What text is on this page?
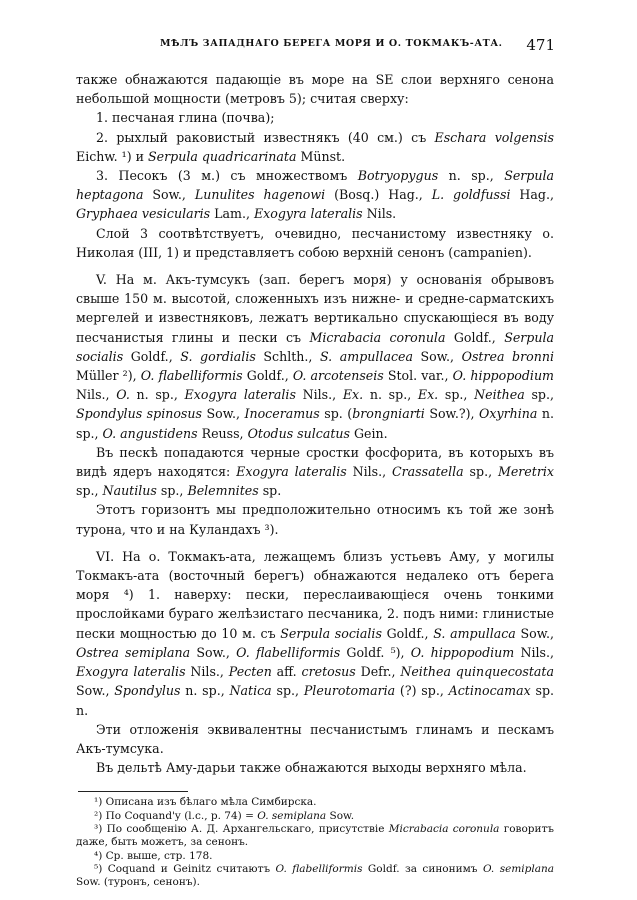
МѢЛЪ ЗАПАДНАГО БЕРЕГА МОРЯ И О. ТОКМАКЪ-АТА. 471

также обнажаются падающіе въ море на SE слои верхняго сенона небольшой мощности (метровъ 5); считая сверху:

1. песчаная глина (почва);

2. рыхлый раковистый известнякъ (40 см.) съ Eschara volgensis Eichw. ¹) и Serpula quadricarinata Münst.

3. Песокъ (3 м.) съ множествомъ Botryopygus n. sp., Serpula heptagona Sow., Lunulites hagenowi (Bosq.) Hag., L. goldfussi Hag., Gryphaea vesicularis Lam., Exogyra lateralis Nils.

Слой 3 соотвѣтствуетъ, очевидно, песчанистому известняку о. Николая (III, 1) и представляетъ собою верхній сенонъ (campanien).

V. На м. Акъ-тумсукъ (зап. берегъ моря) у основанія обрывовъ свыше 150 м. высотой, сложенныхъ изъ нижне- и средне-сарматскихъ мергелей и известняковъ, лежатъ вертикально спускающіеся въ воду песчанистыя глины и пески съ Micrabacia coronula Goldf., Serpula socialis Goldf., S. gordialis Schlth., S. ampullacea Sow., Ostrea bronni Müller ²), O. flabelliformis Goldf., O. arcotenseis Stol. var., O. hippopodium Nils., O. n. sp., Exogyra lateralis Nils., Ex. n. sp., Ex. sp., Neithea sp., Spondylus spinosus Sow., Inoceramus sp. (brongniarti Sow.?), Oxyrhina n. sp., O. angustidens Reuss, Otodus sulcatus Gein.

Въ пескѣ попадаются черные сростки фосфорита, въ которыхъ въ видѣ ядеръ находятся: Exogyra lateralis Nils., Crassatella sp., Meretrix sp., Nautilus sp., Belemnites sp.

Этотъ горизонтъ мы предположительно относимъ къ той же зонѣ турона, что и на Куландахъ ³).

VI. На о. Токмакъ-ата, лежащемъ близъ устьевъ Аму, у могилы Токмакъ-ата (восточный берегъ) обнажаются недалеко отъ берега моря ⁴) 1. наверху: пески, переслаивающіеся очень тонкими прослойками бураго желѣзистаго песчаника, 2. подъ ними: глинистые пески мощностью до 10 м. съ Serpula socialis Goldf., S. ampullaca Sow., Ostrea semiplana Sow., O. flabelliformis Goldf. ⁵), O. hippopodium Nils., Exogyra lateralis Nils., Pecten aff. cretosus Defr., Neithea quinquecostata Sow., Spondylus n. sp., Natica sp., Pleurotomaria (?) sp., Actinocamax sp. n.

Эти отложенія эквивалентны песчанистымъ глинамъ и пескамъ Акъ-тумсука.

Въ дельтѣ Аму-дарьи также обнажаются выходы верхняго мѣла.

¹) Описана изъ бѣлаго мѣла Симбирска.

²) По Coquand'y (l.c., p. 74) = O. semiplana Sow.

³) По сообщенію А. Д. Архангельскаго, присутствіе Micrabacia coronula говоритъ даже, быть можетъ, за сенонъ.

⁴) Ср. выше, стр. 178.

⁵) Coquand и Geinitz считаютъ O. flabelliformis Goldf. за синонимъ O. semiplana Sow. (туронъ, сенонъ).
